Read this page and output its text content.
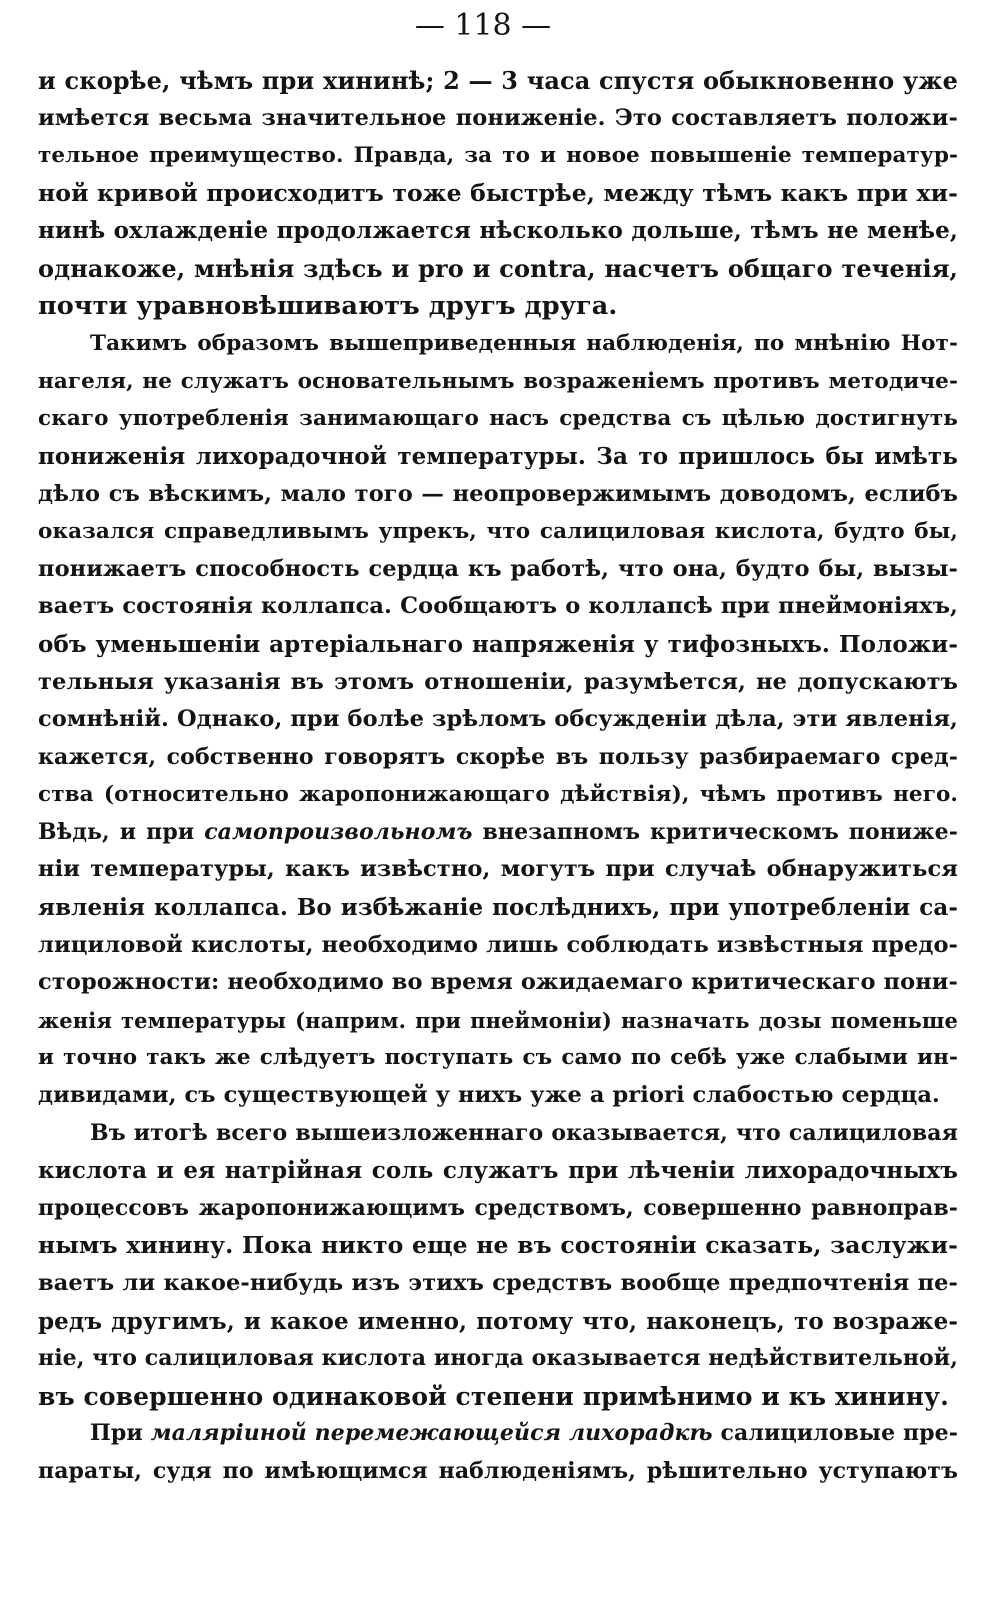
— 118 —
и скорѣе, чѣмъ при хининѣ; 2 — 3 часа спустя обыкновенно уже
имѣется весьма значительное пониженіе. Это составляетъ положи-
тельное преимущество. Правда, за то и новое повышеніе температур-
ной кривой происходитъ тоже быстрѣе, между тѣмъ какъ при хи-
нинѣ охлажденіе продолжается нѣсколько дольше, тѣмъ не менѣе,
однакоже, мнѣнія здѣсь и pro и contra, насчетъ общаго теченія,
почти уравновѣшиваютъ другъ друга.
Такимъ образомъ вышеприведенныя наблюденія, по мнѣнію Нот-
нагеля, не служатъ основательнымъ возраженіемъ противъ методиче-
скаго употребленія занимающаго насъ средства съ цѣлью достигнуть
пониженія лихорадочной температуры. За то пришлось бы имѣть
дѣло съ вѣскимъ, мало того — неопровержимымъ доводомъ, еслибъ
оказался справедливымъ упрекъ, что салициловая кислота, будто бы,
понижаетъ способность сердца къ работѣ, что она, будто бы, вызы-
ваетъ состоянія коллапса. Сообщаютъ о коллапсѣ при пнеймоніяхъ,
объ уменьшеніи артеріальнаго напряженія у тифозныхъ. Положи-
тельныя указанія въ этомъ отношеніи, разумѣется, не допускаютъ
сомнѣній. Однако, при болѣе зрѣломъ обсужденіи дѣла, эти явленія,
кажется, собственно говорятъ скорѣе въ пользу разбираемаго сред-
ства (относительно жаропонижающаго дѣйствія), чѣмъ противъ него.
Вѣдь, и при самопроизвольномъ внезапномъ критическомъ пониже-
ніи температуры, какъ извѣстно, могутъ при случаѣ обнаружиться
явленія коллапса. Во избѣжаніе послѣднихъ, при употребленіи са-
лициловой кислоты, необходимо лишь соблюдать извѣстныя предо-
сторожности: необходимо во время ожидаемаго критическаго пони-
женія температуры (наприм. при пнеймоніи) назначать дозы поменьше
и точно такъ же слѣдуетъ поступать съ само по себѣ уже слабыми ин-
дивидами, съ существующей у нихъ уже a priori слабостью сердца.
Въ итогѣ всего вышеизложеннаго оказывается, что салициловая
кислота и ея натрійная соль служатъ при лѣченіи лихорадочныхъ
процессовъ жаропонижающимъ средствомъ, совершенно равноправ-
нымъ хинину. Пока никто еще не въ состояніи сказать, заслужи-
ваетъ ли какое-нибудь изъ этихъ средствъ вообще предпочтенія пе-
редъ другимъ, и какое именно, потому что, наконецъ, то возраже-
ніе, что салициловая кислота иногда оказывается недѣйствительной,
въ совершенно одинаковой степени примѣнимо и къ хинину.
При маляріиной перемежающейся лихорадкѣ салициловые пре-
параты, судя по имѣющимся наблюденіямъ, рѣшительно уступаютъ
